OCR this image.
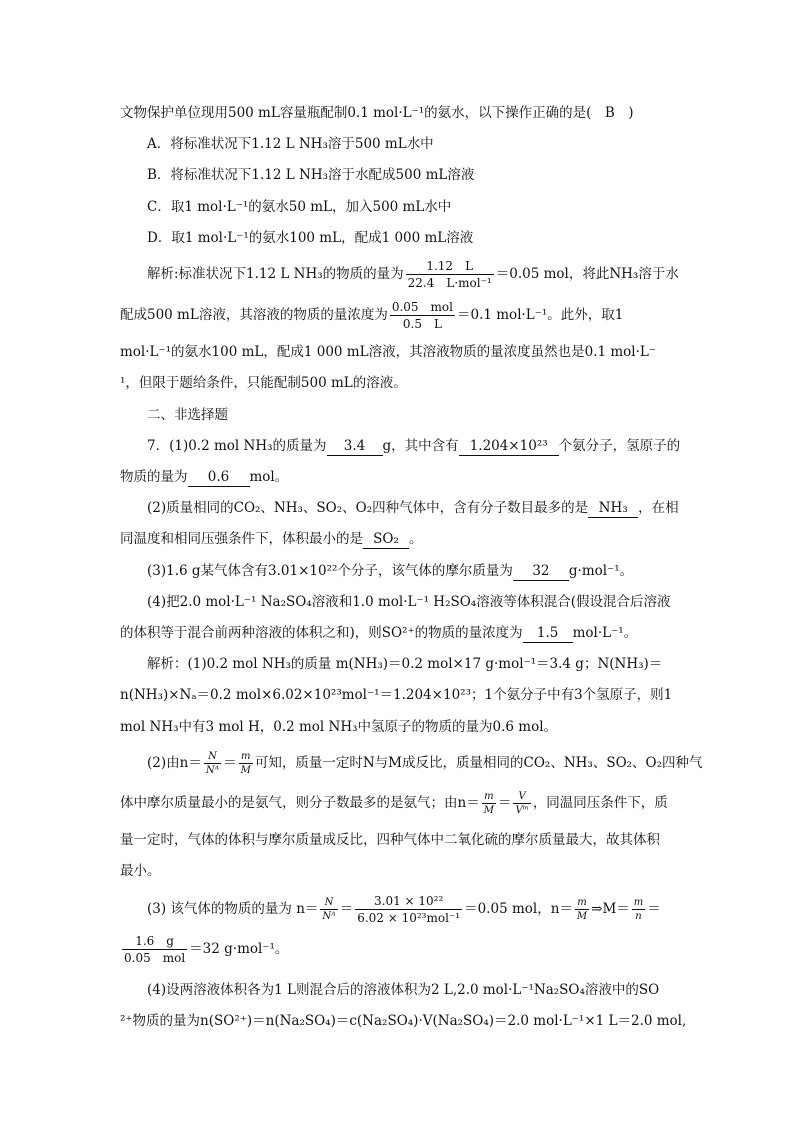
文物保护单位现用500 mL容量瓶配制0.1 mol·L⁻¹的氨水，以下操作正确的是(　B　)
A．将标准状况下1.12 L NH₃溶于500 mL水中
B．将标准状况下1.12 L NH₃溶于水配成500 mL溶液
C．取1 mol·L⁻¹的氨水50 mL，加入500 mL水中
D．取1 mol·L⁻¹的氨水100 mL，配成1 000 mL溶液
解析:标准状况下1.12 L NH₃的物质的量为 $\frac{1.12 L}{\text{22.4　L·mol⁻¹}} =0.05$ mol，将此NH₃溶于水
配成500 mL溶液，其溶液的物质的量浓度为 $\frac{\text{0.05　mol}}{0.5 L} =0.1$ mol·L⁻¹。此外，取1
mol·L⁻¹的氨水100 mL，配成1 000 mL溶液，其溶液物质的量浓度虽然也是0.1 mol·L⁻
¹，但限于题给条件，只能配制500 mL的溶液。
二、非选择题
7．(1)0.2 mol NH₃的质量为 3.4 g，其中含有 1.204×10²³ 个氨分子，氢原子的
物质的量为 0.6 mol。
(2)质量相同的CO₂、NH₃、SO₂、O₂四种气体中，含有分子数目最多的是 NH₃ ，在相
同温度和相同压强条件下，体积最小的是 SO₂ 。
(3)1.6 g某气体含有3.01×10²²个分子，该气体的摩尔质量为 32 g·mol⁻¹。
(4)把2.0 mol·L⁻¹ Na₂SO₄溶液和1.0 mol·L⁻¹ H₂SO₄溶液等体积混合(假设混合后溶液
的体积等于混合前两种溶液的体积之和)，则SO²⁺的物质的量浓度为 1.5 mol·L⁻¹。
解析：(1)0.2 mol NH₃的质量 m(NH₃)＝0.2 mol×17 g·mol⁻¹＝3.4 g；N(NH₃)＝
n(NH₃)×Nₐ＝0.2 mol×6.02×10²³mol⁻¹＝1.204×10²³；1个氨分子中有3个氢原子，则1
mol NH₃中有3 mol H，0.2 mol NH₃中氢原子的物质的量为0.6 mol。
(2)由$n= \frac{N}{\text{Nᴬ}} = \frac{m}{M}$ 可知，质量一定时N与M成反比，质量相同的CO₂、NH₃、SO₂、O₂四种气
体中摩尔质量最小的是氨气，则分子数最多的是氨气；由$n= \frac{m}{M} = \frac{V}{\text{Vᵐ}}$ ，同温同压条件下，质
量一定时，气体的体积与摩尔质量成反比，四种气体中二氧化硫的摩尔质量最大，故其体积
最小。
(3) 该气体的物质的量为 $n= \frac{N}{\text{Nᴬ}} = \frac{\text{3.01 × 10²²}}{\text{6.02 × 10²³mol⁻¹}} =0.05$ mol，$n= \frac{m}{M}$ ⇒M＝ $\frac{m}{n}$ ＝
$\frac{1.6 g}{\text{0.05　mol}} =32$ g·mol⁻¹。
(4)设两溶液体积各为1 L则混合后的溶液体积为2 L,2.0 mol·L⁻¹Na₂SO₄溶液中的SO
²⁺物质的量为n(SO²⁺)＝n(Na₂SO₄)＝c(Na₂SO₄)·V(Na₂SO₄)＝2.0 mol·L⁻¹×1 L＝2.0 mol,
